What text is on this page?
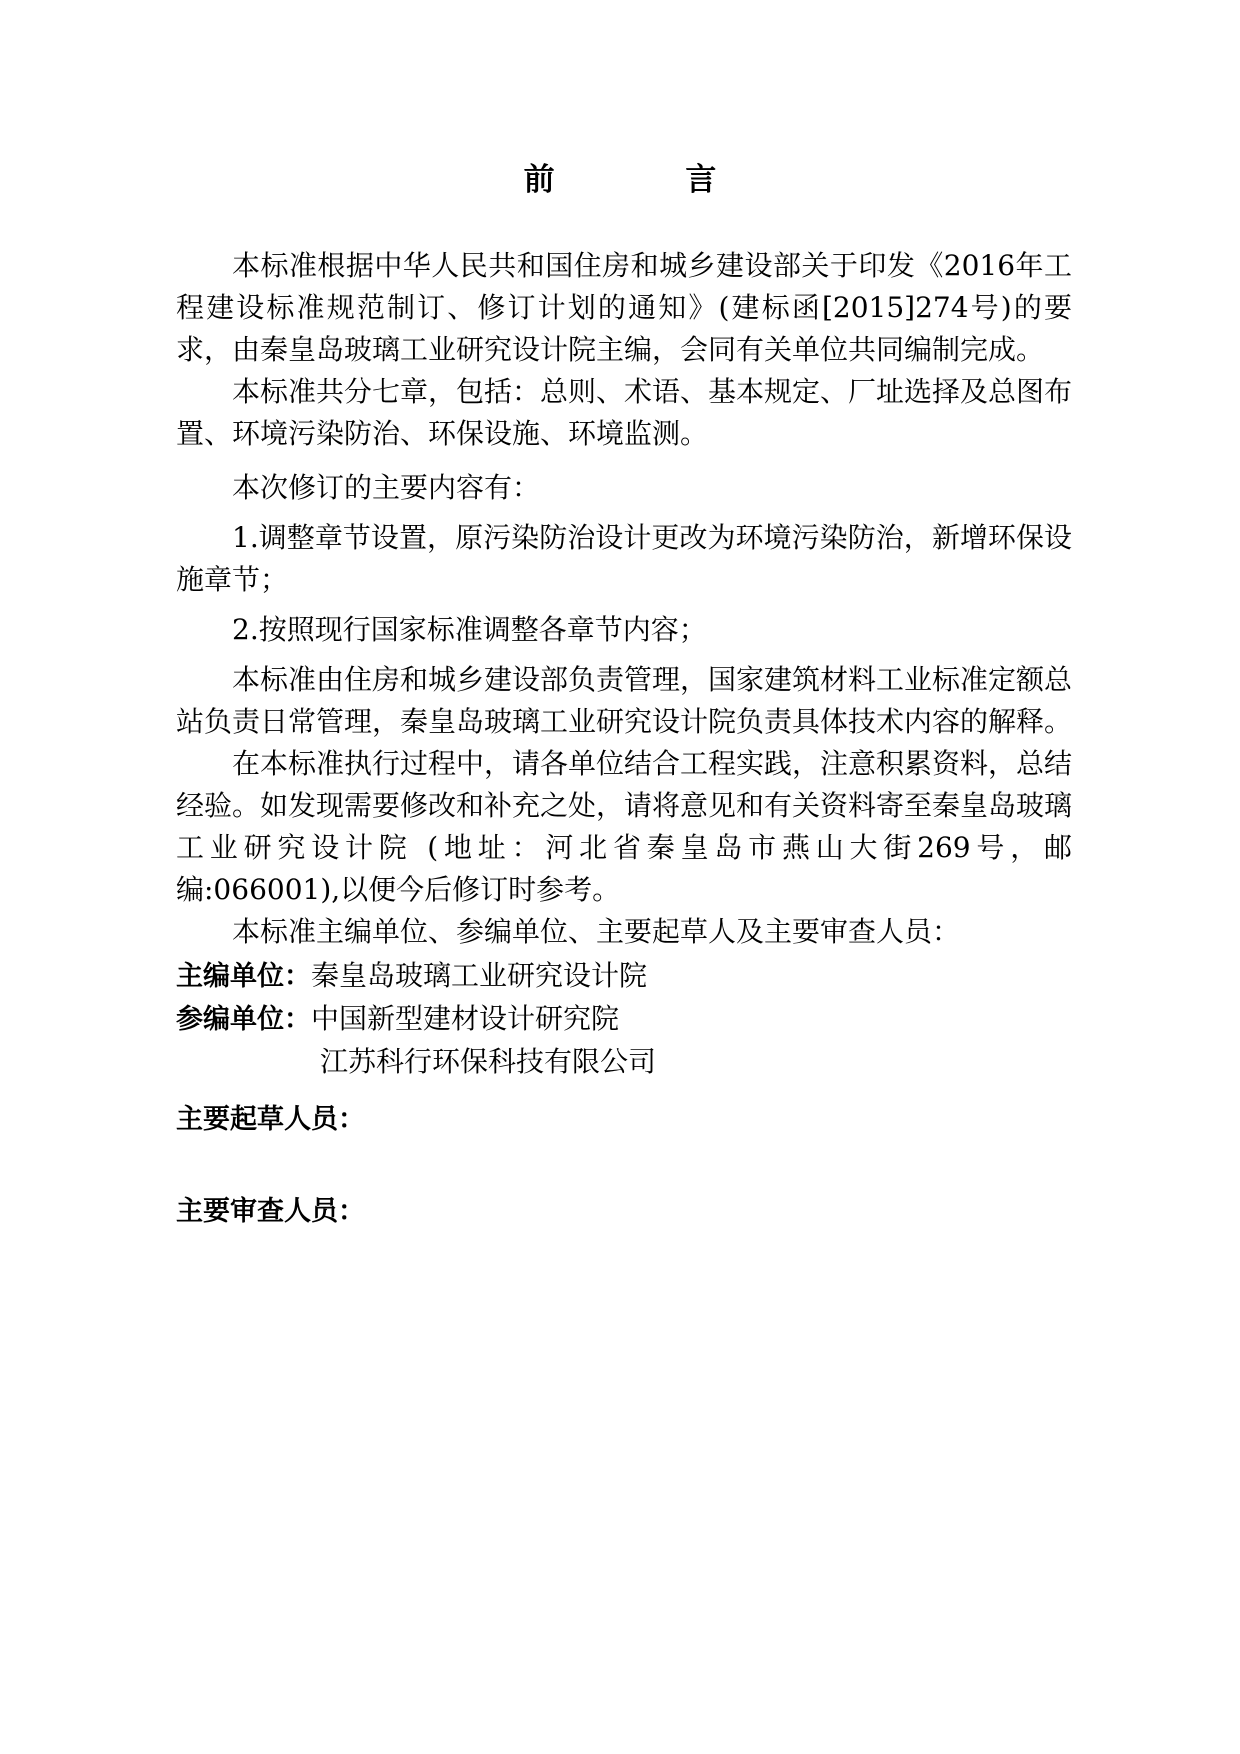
前 言

本标准根据中华人民共和国住房和城乡建设部关于印发《2016年工程建设标准规范制订、修订计划的通知》(建标函[2015]274号)的要求，由秦皇岛玻璃工业研究设计院主编，会同有关单位共同编制完成。

本标准共分七章，包括：总则、术语、基本规定、厂址选择及总图布置、环境污染防治、环保设施、环境监测。

本次修订的主要内容有：

1.调整章节设置，原污染防治设计更改为环境污染防治，新增环保设施章节；

2.按照现行国家标准调整各章节内容；

本标准由住房和城乡建设部负责管理，国家建筑材料工业标准定额总站负责日常管理，秦皇岛玻璃工业研究设计院负责具体技术内容的解释。

在本标准执行过程中，请各单位结合工程实践，注意积累资料，总结经验。如发现需要修改和补充之处，请将意见和有关资料寄至秦皇岛玻璃工业研究设计院 (地址：河北省秦皇岛市燕山大街269号，邮编:066001),以便今后修订时参考。

本标准主编单位、参编单位、主要起草人及主要审查人员：

主编单位： 秦皇岛玻璃工业研究设计院
参编单位： 中国新型建材设计研究院
江苏科行环保科技有限公司
主要起草人员：
主要审查人员：
